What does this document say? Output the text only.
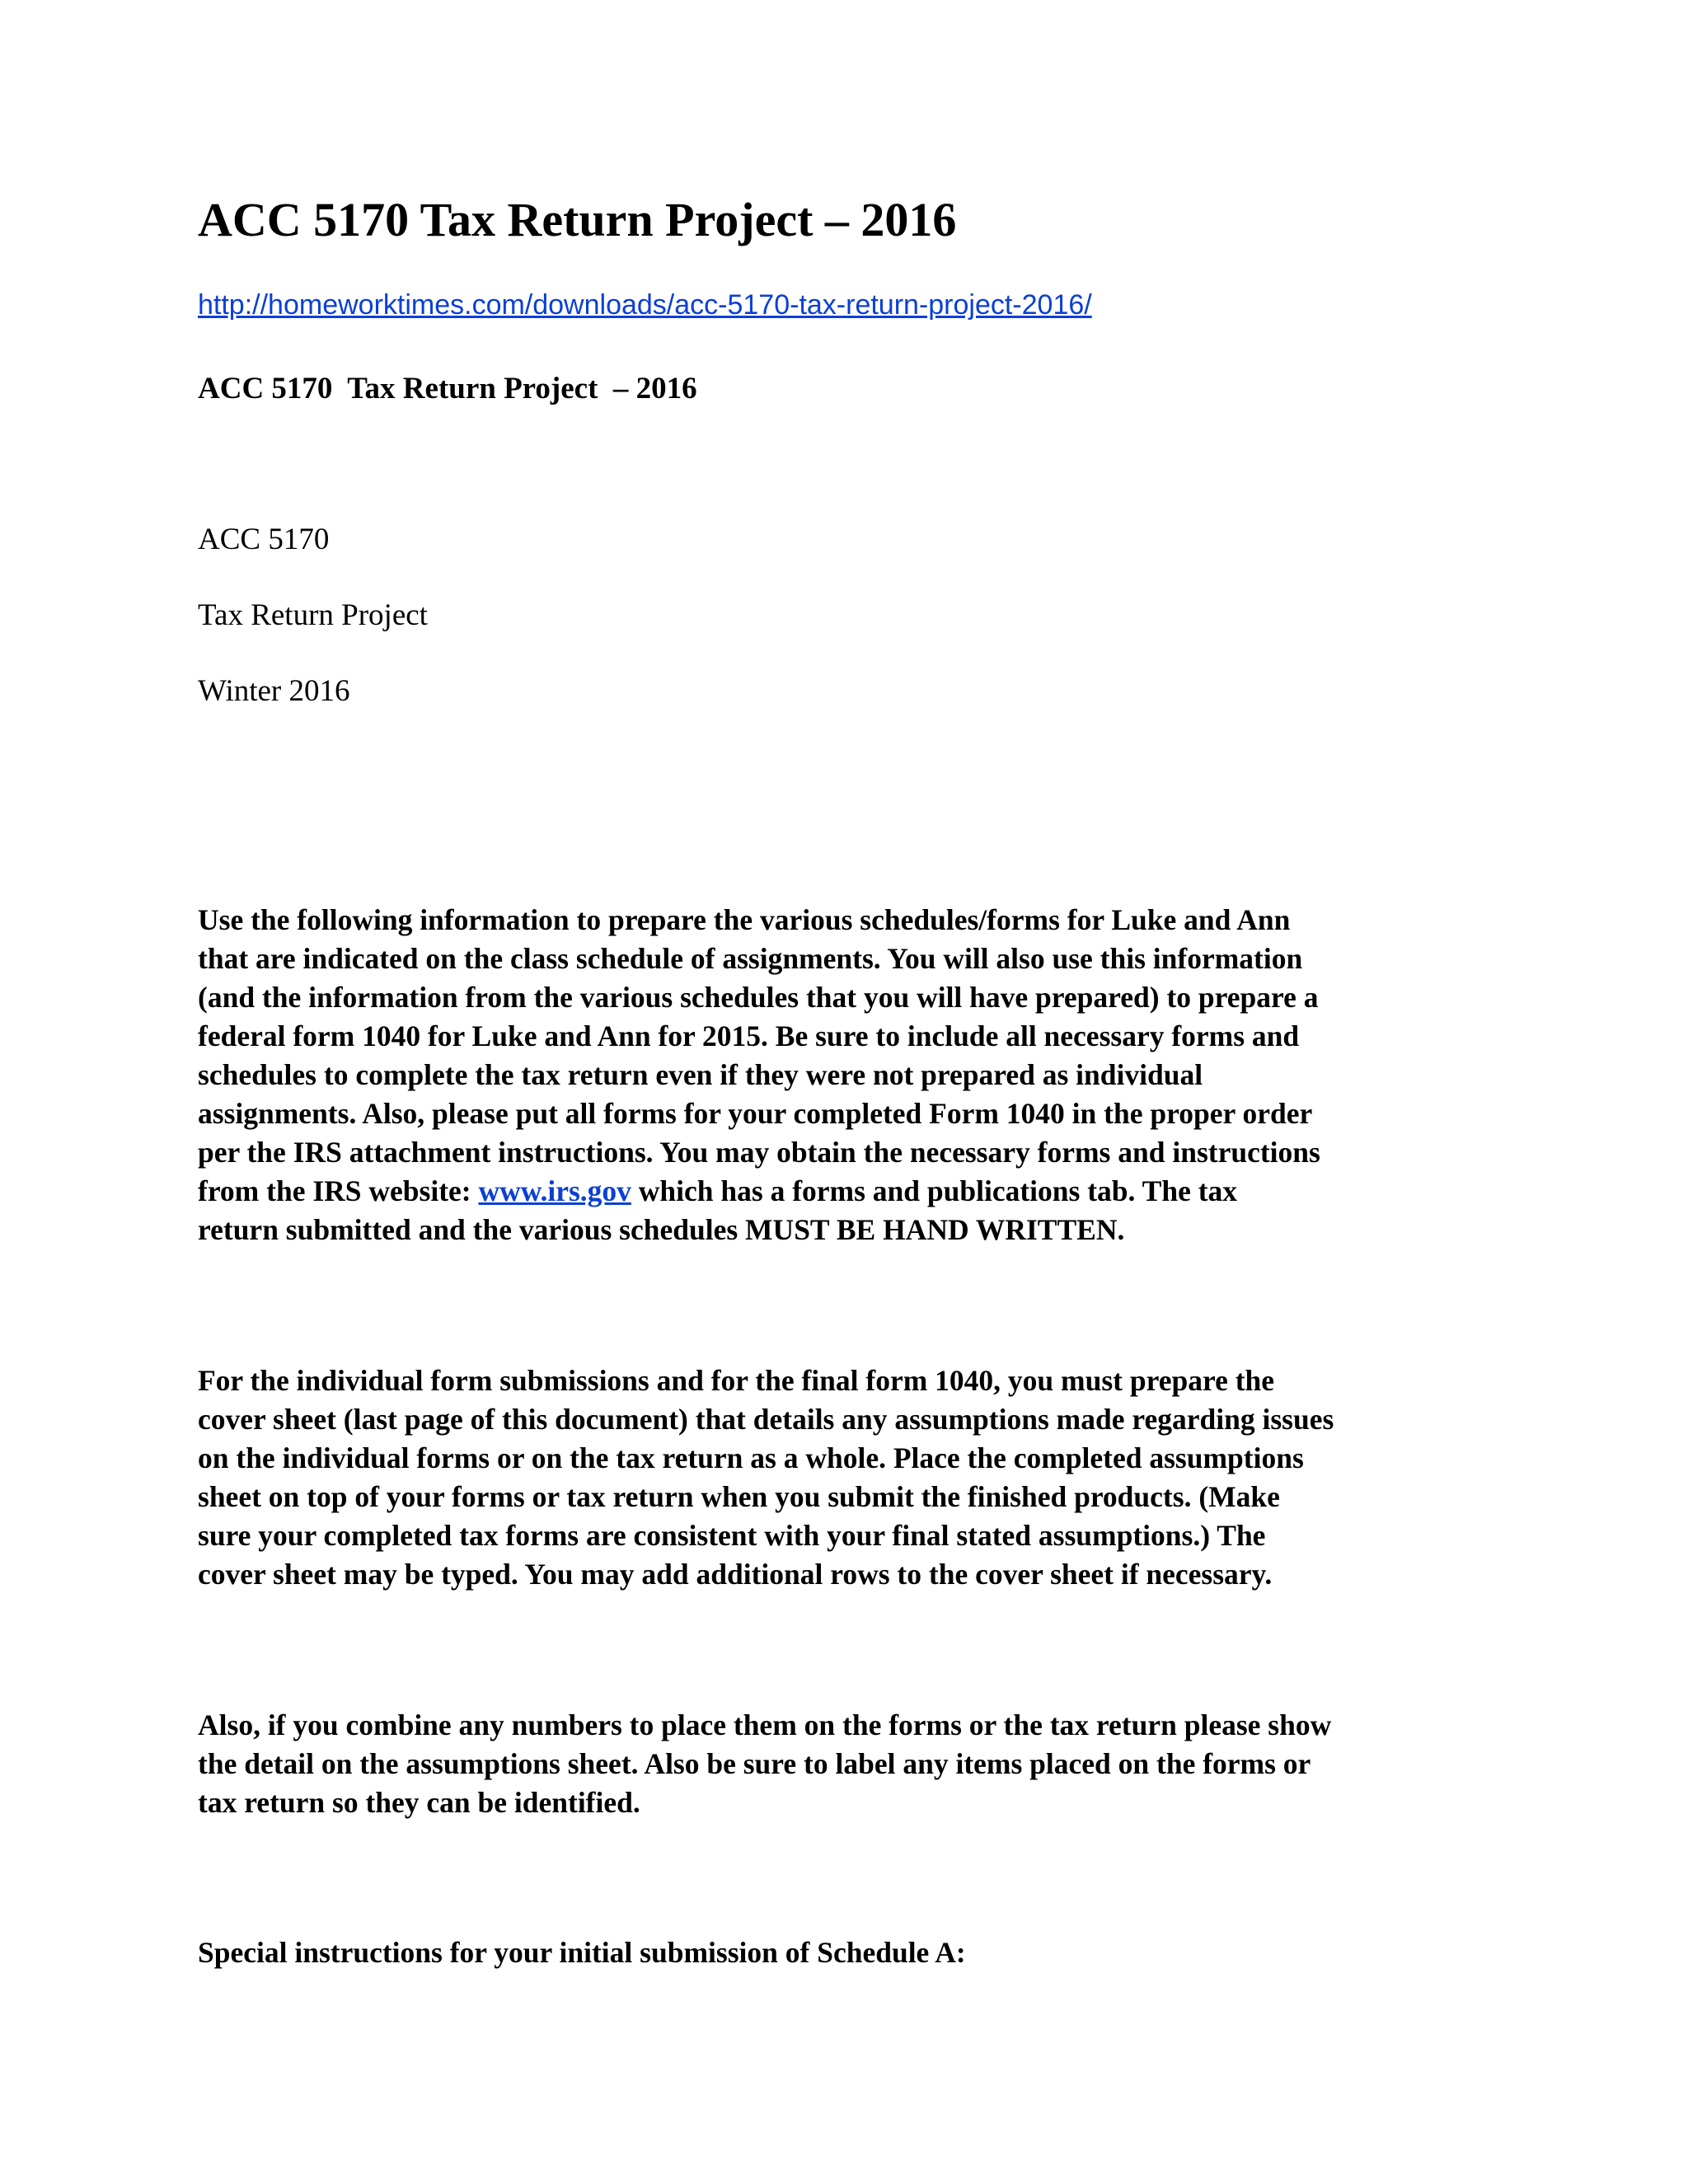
ACC 5170 Tax Return Project – 2016
http://homeworktimes.com/downloads/acc-5170-tax-return-project-2016/
ACC 5170  Tax Return Project  – 2016
ACC 5170
Tax Return Project
Winter 2016
Use the following information to prepare the various schedules/forms for Luke and Ann
that are indicated on the class schedule of assignments. You will also use this information
(and the information from the various schedules that you will have prepared) to prepare a
federal form 1040 for Luke and Ann for 2015. Be sure to include all necessary forms and
schedules to complete the tax return even if they were not prepared as individual
assignments. Also, please put all forms for your completed Form 1040 in the proper order
per the IRS attachment instructions. You may obtain the necessary forms and instructions
from the IRS website: www.irs.gov which has a forms and publications tab. The tax
return submitted and the various schedules MUST BE HAND WRITTEN.
For the individual form submissions and for the final form 1040, you must prepare the
cover sheet (last page of this document) that details any assumptions made regarding issues
on the individual forms or on the tax return as a whole. Place the completed assumptions
sheet on top of your forms or tax return when you submit the finished products. (Make
sure your completed tax forms are consistent with your final stated assumptions.) The
cover sheet may be typed. You may add additional rows to the cover sheet if necessary.
Also, if you combine any numbers to place them on the forms or the tax return please show
the detail on the assumptions sheet. Also be sure to label any items placed on the forms or
tax return so they can be identified.
Special instructions for your initial submission of Schedule A:
